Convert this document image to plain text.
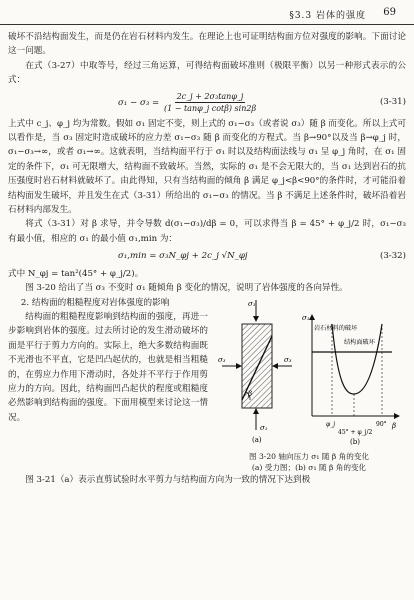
§3.3 岩体的强度 69

破坏不沿结构面发生，而是仍在岩石材料内发生。在理论上也可证明结构面方位对强度的影响。下面讨论这一问题。

在式（3-27）中取等号，经过三角运算，可得结构面破坏准则（极限平衡）以另一种形式表示的公式：

$\sigma_1 - \sigma_3 = \frac{\text{2c\_j + 2σ₃tanφ\_j}}{\text{(1 − tanφ\_j cotβ) sin2β}}$	(3-31)

上式中 c_j、φ_j 均为常数。假如 σ₁ 固定不变，则上式的 σ₁−σ₃（或者说 σ₃）随 β 而变化。所以上式可以看作是，当 σ₃ 固定时造成破坏的应力差 σ₁−σ₃ 随 β 而变化的方程式。当 β→90°以及当 β→φ_j 时，σ₁−σ₃→∞，或者 σ₁→∞。这就表明，当结构面平行于 σ₁ 时以及结构面法线与 σ₁ 呈 φ_j 角时，在 σ₁ 固定的条件下，σ₁ 可无限增大，结构面不致破坏。当然，实际的 σ₁ 是不会无限大的，当 σ₁ 达到岩石的抗压强度时岩石材料就破坏了。由此得知，只有当结构面的倾角 β 满足 φ_j<β<90°的条件时，才可能沿着结构面发生破坏，并且发生在式（3-31）所给出的 σ₁−σ₃ 的情况。当 β 不满足上述条件时，破坏沿着岩石材料内部发生。

将式（3-31）对 β 求导，并令导数 d(σ₁−σ₃)/dβ = 0，可以求得当 β = 45° + φ_j/2 时，σ₁−σ₃ 有最小值，相应的 σ₁ 的最小值 σ₁,min 为：

σ₁,min = σ₃N_φj + 2c_j √N_φj	(3-32)

式中 N_φj = tan²(45° + φ_j/2)。

图 3-20 给出了当 σ₃ 不变时 σ₁ 随倾角 β 变化的情况，说明了岩体强度的各向异性。

2. 结构面的粗糙程度对岩体强度的影响

结构面的粗糙程度影响到结构面的强度，再进一步影响到岩体的强度。过去所讨论的发生滑动破坏的面是平行于剪力方向的。实际上，绝大多数结构面既不光滑也不平直，它是凹凸起伏的，也就是相当粗糙的，在剪应力作用下滑动时，各处并不平行于作用剪应力的方向。因此，结构面凹凸起伏的程度或粗糙度必然影响到结构面的强度。下面用模型来讨论这一情况。

σ₁
β
σ₃	σ₃
σ₁
(a)
σ₁
β
岩石材料的破坏
结构面破坏
φ_j
45° + φ_j/2
90°
(b)
图 3-20 轴向压力 σ₁ 随 β 角的变化
(a) 受力图；(b) σ₁ 随 β 角的变化

图 3-21（a）表示直剪试验时水平剪力与结构面方向为一致的情况下达到极
